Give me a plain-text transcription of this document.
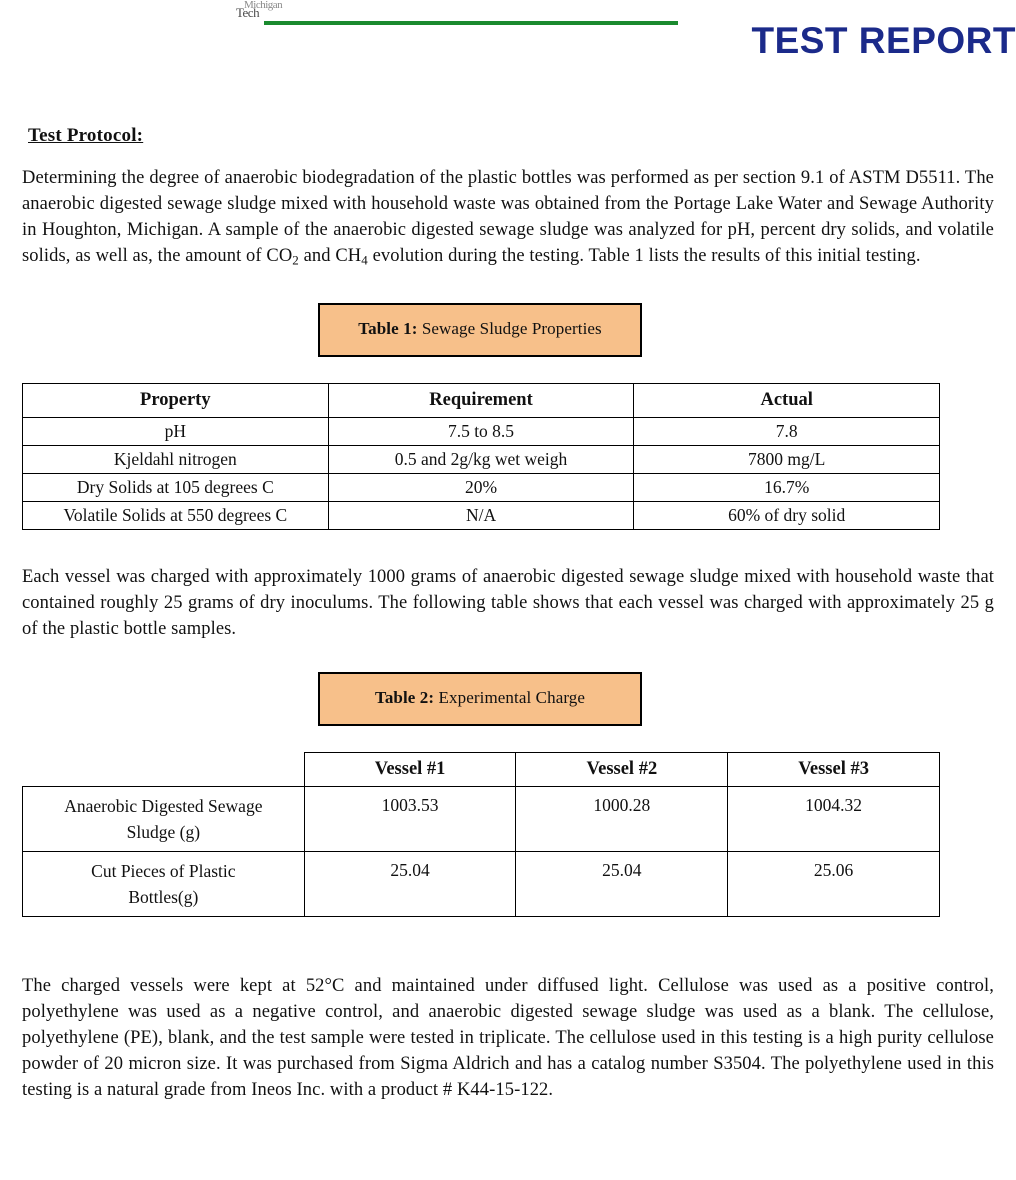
Michigan
Tech
TEST REPORT
Test Protocol:

Determining the degree of anaerobic biodegradation of the plastic bottles was performed as per section 9.1 of ASTM D5511. The anaerobic digested sewage sludge mixed with household waste was obtained from the Portage Lake Water and Sewage Authority in Houghton, Michigan. A sample of the anaerobic digested sewage sludge was analyzed for pH, percent dry solids, and volatile solids, as well as, the amount of $CO_2$ and $CH_4$ evolution during the testing. Table 1 lists the results of this initial testing.

Table 1: Sewage Sludge Properties
Property	Requirement	Actual
pH	7.5 to 8.5	7.8
Kjeldahl nitrogen	0.5 and 2g/kg wet weigh	7800 mg/L
Dry Solids at 105 degrees C	20%	16.7%
Volatile Solids at 550 degrees C	N/A	60% of dry solid

Each vessel was charged with approximately 1000 grams of anaerobic digested sewage sludge mixed with household waste that contained roughly 25 grams of dry inoculums. The following table shows that each vessel was charged with approximately 25 g of the plastic bottle samples.

Table 2: Experimental Charge
	Vessel #1	Vessel #2	Vessel #3
Anaerobic Digested Sewage
Sludge (g)	1003.53	1000.28	1004.32
Cut Pieces of Plastic
Bottles(g)	25.04	25.04	25.06

The charged vessels were kept at 52°C and maintained under diffused light. Cellulose was used as a positive control, polyethylene was used as a negative control, and anaerobic digested sewage sludge was used as a blank. The cellulose, polyethylene (PE), blank, and the test sample were tested in triplicate. The cellulose used in this testing is a high purity cellulose powder of 20 micron size. It was purchased from Sigma Aldrich and has a catalog number S3504. The polyethylene used in this testing is a natural grade from Ineos Inc. with a product # K44-15-122.
